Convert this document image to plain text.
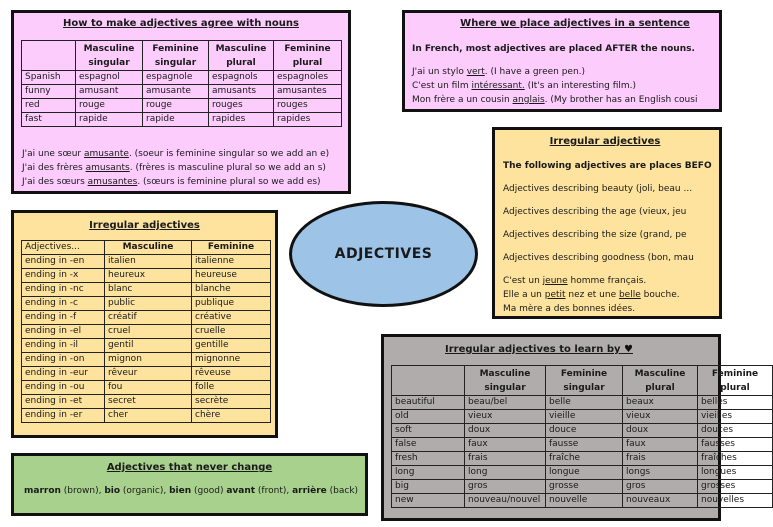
How to make adjectives agree with nouns
	Masculine singular	Feminine singular	Masculine plural	Feminine plural
Spanish	espagnol	espagnole	espagnols	espagnoles
funny	amusant	amusante	amusants	amusantes
red	rouge	rouge	rouges	rouges
fast	rapide	rapide	rapides	rapides
J'ai une sœur amusante. (soeur is feminine singular so we add an e)
J'ai des frères amusants. (frères is masculine plural so we add an s)
J'ai des sœurs amusantes. (sœurs is feminine plural so we add es)
Where we place adjectives in a sentence
In French, most adjectives are placed AFTER the nouns.
J'ai un stylo vert. (I have a green pen.)
C'est un film intéressant. (It's an interesting film.)
Mon frère a un cousin anglais. (My brother has an English cousi
Irregular adjectives
The following adjectives are places BEFO
Adjectives describing beauty (joli, beau ...
Adjectives describing the age (vieux, jeu
Adjectives describing the size (grand, pe
Adjectives describing goodness (bon, mau
C'est un jeune homme français.
Elle a un petit nez et une belle bouche.
Ma mère a des bonnes idées.
Irregular adjectives
Adjectives...	Masculine	Feminine
ending in -en	italien	italienne
ending in -x	heureux	heureuse
ending in -nc	blanc	blanche
ending in -c	public	publique
ending in -f	créatif	créative
ending in -el	cruel	cruelle
ending in -il	gentil	gentille
ending in -on	mignon	mignonne
ending in -eur	rêveur	rêveuse
ending in -ou	fou	folle
ending in -et	secret	secrète
ending in -er	cher	chère
ADJECTIVES
Adjectives that never change
marron (brown), bio (organic), bien (good) avant (front), arrière (back)
Irregular adjectives to learn by ♥
	Masculine singular	Feminine singular	Masculine plural	Feminine plural
beautiful	beau/bel	belle	beaux	belles
old	vieux	vieille	vieux	vieilles
soft	doux	douce	doux	douces
false	faux	fausse	faux	fausses
fresh	frais	fraîche	frais	fraîches
long	long	longue	longs	longues
big	gros	grosse	gros	grosses
new	nouveau/nouvel	nouvelle	nouveaux	nouvelles
